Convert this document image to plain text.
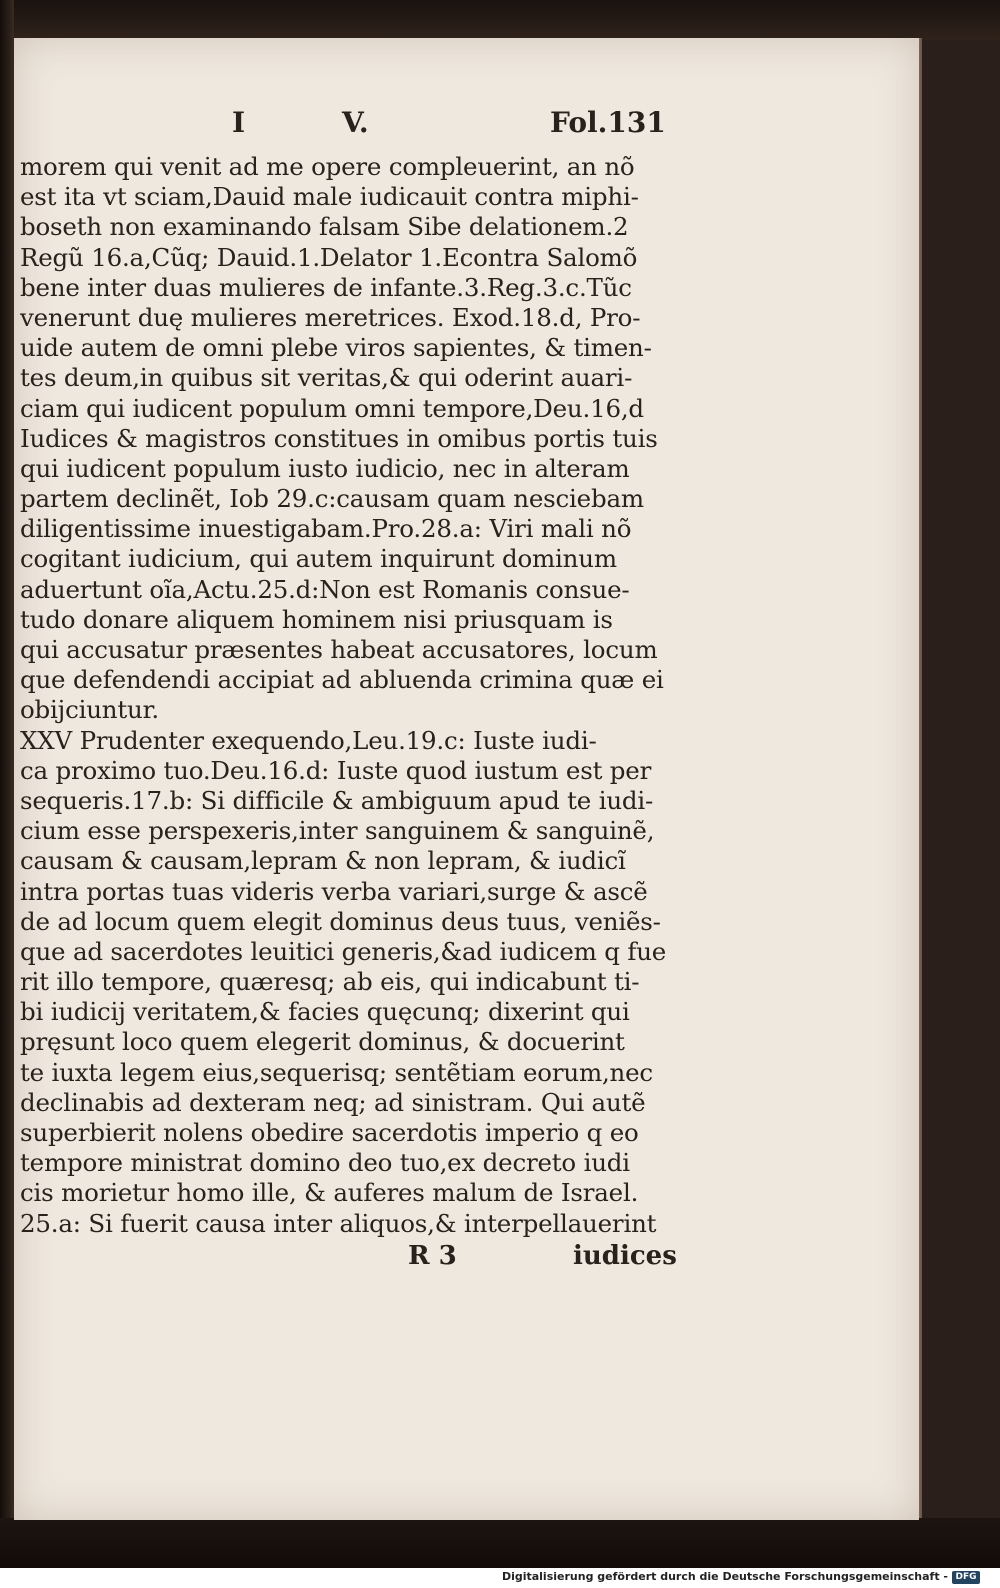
I	V.	Fol.131
morem qui venit ad me opere compleuerint, an nõ
est ita vt sciam,Dauid male iudicauit contra miphi-
boseth non examinando falsam Sibe delationem.2
Regũ 16.a,Cũq; Dauid.1.Delator 1.Econtra Salomõ
bene inter duas mulieres de infante.3.Reg.3.c.Tũc
venerunt duę mulieres meretrices. Exod.18.d, Pro-
uide autem de omni plebe viros sapientes, & timen-
tes deum,in quibus sit veritas,& qui oderint auari-
ciam qui iudicent populum omni tempore,Deu.16,d
Iudices & magistros constitues in omibus portis tuis
qui iudicent populum iusto iudicio, nec in alteram
partem declinẽt, Iob 29.c:causam quam nesciebam
diligentissime inuestigabam.Pro.28.a: Viri mali nõ
cogitant iudicium, qui autem inquirunt dominum
aduertunt oĩa,Actu.25.d:Non est Romanis consue-
tudo donare aliquem hominem nisi priusquam is
qui accusatur præsentes habeat accusatores, locum
que defendendi accipiat ad abluenda crimina quæ ei
obijciuntur.
XXV Prudenter exequendo,Leu.19.c: Iuste iudi-
ca proximo tuo.Deu.16.d: Iuste quod iustum est per
sequeris.17.b: Si difficile & ambiguum apud te iudi-
cium esse perspexeris,inter sanguinem & sanguinẽ,
causam & causam,lepram & non lepram, & iudicĩ
intra portas tuas videris verba variari,surge & ascẽ
de ad locum quem elegit dominus deus tuus, veniẽs-
que ad sacerdotes leuitici generis,&ad iudicem q fue
rit illo tempore, quæresq; ab eis, qui indicabunt ti-
bi iudicij veritatem,& facies quęcunq; dixerint qui
pręsunt loco quem elegerit dominus, & docuerint
te iuxta legem eius,sequerisq; sentẽtiam eorum,nec
declinabis ad dexteram neq; ad sinistram. Qui autẽ
superbierit nolens obedire sacerdotis imperio q eo
tempore ministrat domino deo tuo,ex decreto iudi
cis morietur homo ille, & auferes malum de Israel.
25.a: Si fuerit causa inter aliquos,& interpellauerint
R 3	iudices
Digitalisierung gefördert durch die Deutsche Forschungsgemeinschaft - DFG
